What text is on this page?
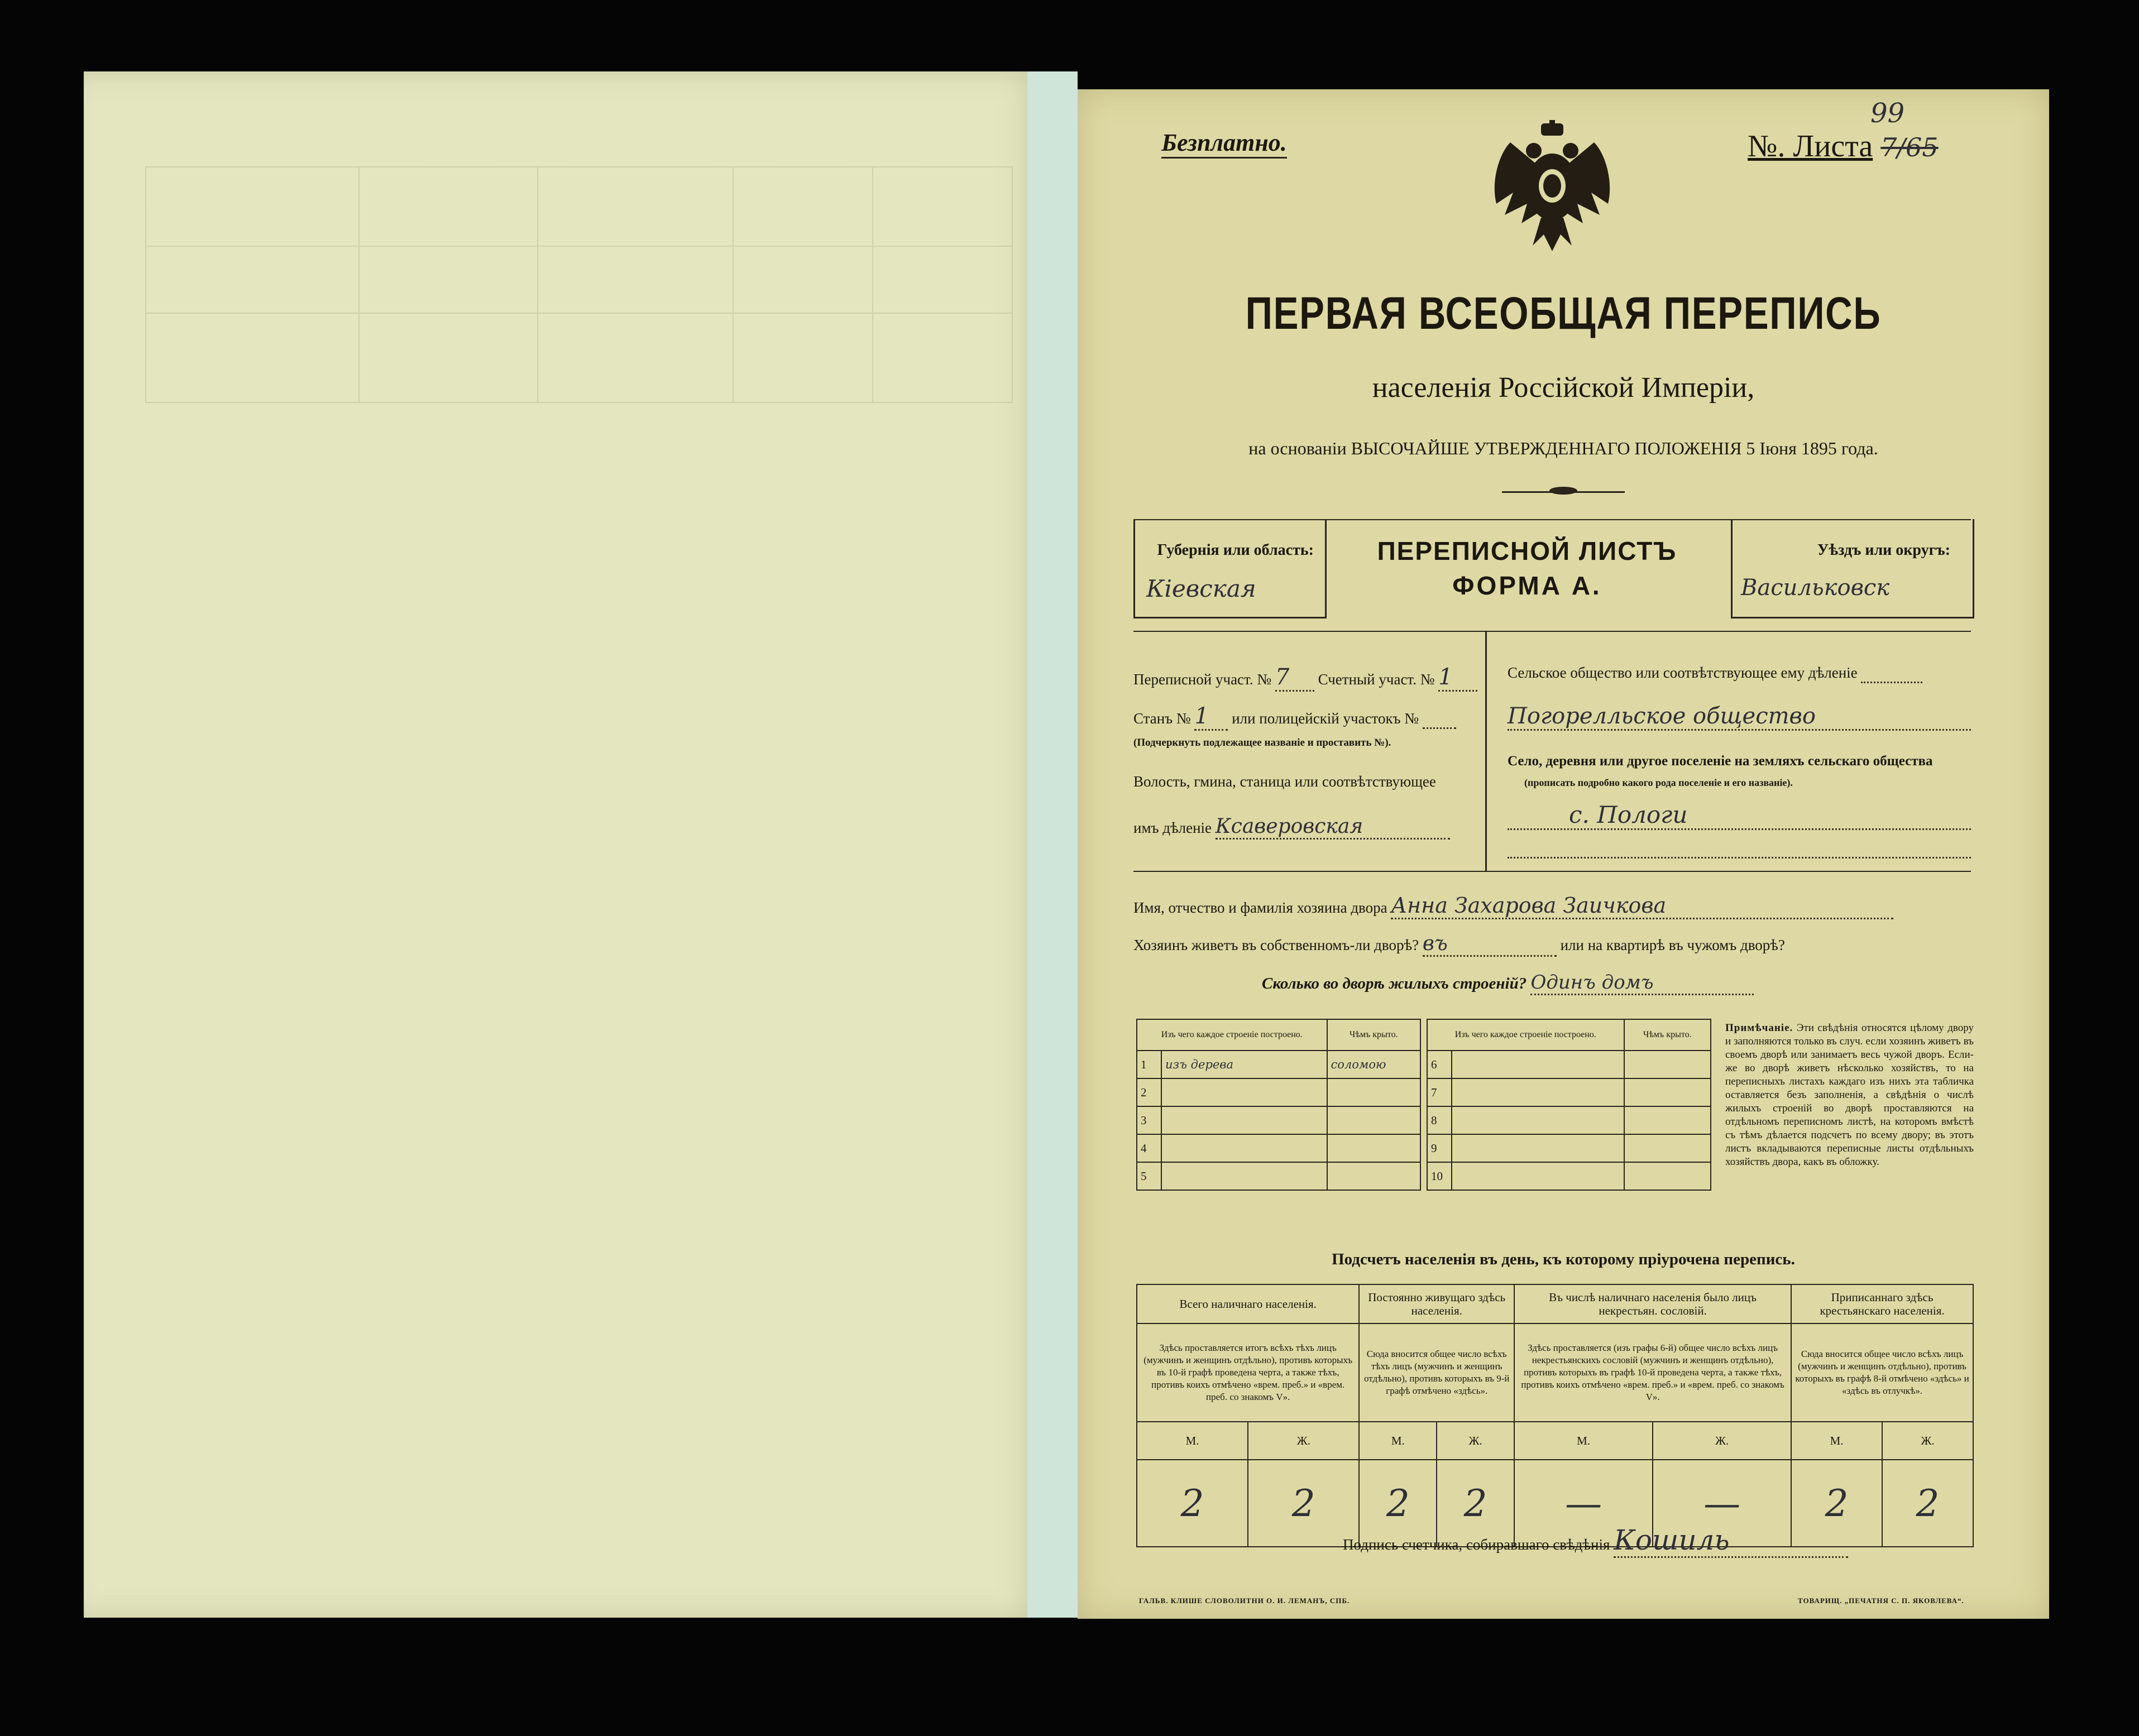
Безплатно.	№. Листа 7/65
99
ПЕРВАЯ ВСЕОБЩАЯ ПЕРЕПИСЬ
населенія Россійской Имперіи,
на основаніи ВЫСОЧАЙШЕ УТВЕРЖДЕННАГО ПОЛОЖЕНІЯ 5 Іюня 1895 года.
Губернія или область:
Кіевская
ПЕРЕПИСНОЙ ЛИСТЪ
ФОРМА А.
Уѣздъ или округъ:
Васильковск
Переписной участ. № 7 Счетный участ. № 1
Станъ № 1 или полицейскій участокъ №
(Подчеркнуть подлежащее названіе и проставить №).
Волость, гмина, станица или соотвѣтствующее
имъ дѣленіе Ксаверовская
Сельское общество или соотвѣтствующее ему дѣленіе
Погорелльское общество
Село, деревня или другое поселеніе на земляхъ сельскаго общества
(прописать подробно какого рода поселеніе и его названіе).
с. Пологи
Имя, отчество и фамилія хозяина двора Анна Захарова Заичкова
Хозяинъ живетъ въ собственномъ-ли дворѣ? въ	или на квартирѣ въ чужомъ дворѣ?
Сколько во дворѣ жилыхъ строеній? Одинъ домъ
Изъ чего каждое строеніе построено.		Чѣмъ крыто.
1	изъ дерева	соломою
2		
3		
4		
5		
Изъ чего каждое строеніе построено.		Чѣмъ крыто.
6		
7		
8		
9		
10		
Примѣчаніе. Эти свѣдѣнія относятся цѣлому двору и заполняются только въ случ. если хозяинъ живетъ въ своемъ дворѣ или занимаетъ весь чужой дворъ. Если-же во дворѣ живетъ нѣсколько хозяйствъ, то на переписныхъ листахъ каждаго изъ нихъ эта табличка оставляется безъ заполненія, а свѣдѣнія о числѣ жилыхъ строеній во дворѣ проставляются на отдѣльномъ переписномъ листѣ, на которомъ вмѣстѣ съ тѣмъ дѣлается подсчетъ по всему двору; въ этотъ листъ вкладываются переписные листы отдѣльныхъ хозяйствъ двора, какъ въ обложку.
Подсчетъ населенія въ день, къ которому пріурочена перепись.
Всего наличнаго населенія.		Постоянно живущаго здѣсь населенія.		Въ числѣ наличнаго населенія было лицъ некрестьян. сословій.		Приписаннаго здѣсь крестьянскаго населенія.	
Здѣсь проставляется итогъ всѣхъ тѣхъ лицъ (мужчинъ и женщинъ отдѣльно), противъ которыхъ въ 10-й графѣ проведена черта, а также тѣхъ, противъ коихъ отмѣчено «врем. преб.» и «врем. преб. со знакомъ V».		Сюда вносится общее число всѣхъ тѣхъ лицъ (мужчинъ и женщинъ отдѣльно), противъ которыхъ въ 9-й графѣ отмѣчено «здѣсь».		Здѣсь проставляется (изъ графы 6-й) общее число всѣхъ лицъ некрестьянскихъ сословій (мужчинъ и женщинъ отдѣльно), противъ которыхъ въ графѣ 10-й проведена черта, а также тѣхъ, противъ коихъ отмѣчено «врем. преб.» и «врем. преб. со знакомъ V».		Сюда вносится общее число всѣхъ лицъ (мужчинъ и женщинъ отдѣльно), противъ которыхъ въ графѣ 8-й отмѣчено «здѣсь» и «здѣсь въ отлучкѣ».	
М.	Ж.	М.	Ж.	М.	Ж.	М.	Ж.
2	2	2	2	—	—	2	2
Подпись счетчика, собиравшаго свѣдѣнія Кошиль
ГАЛЬВ. КЛИШЕ СЛОВОЛИТНИ О. И. ЛЕМАНЪ, СПБ.	ТОВАРИЩ. „ПЕЧАТНЯ С. П. ЯКОВЛЕВА“.
